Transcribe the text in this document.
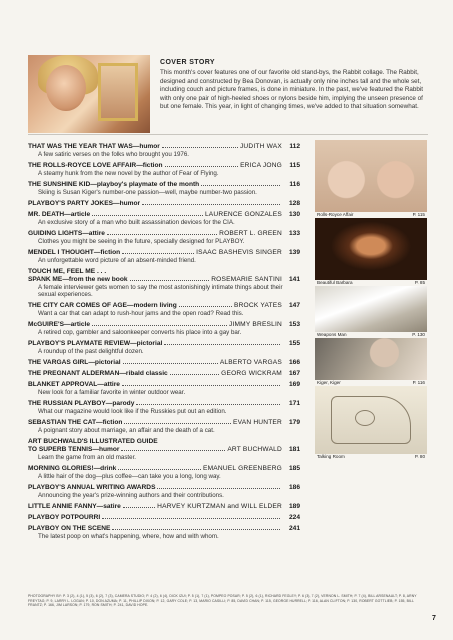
COVER STORY
This month's cover features one of our favorite old stand-bys, the Rabbit collage. The Rabbit, designed and constructed by Bea Donovan, is actually only nine inches tall and the whole set, including couch and picture frames, is done in miniature. In the past, we've featured the Rabbit with only one pair of high-heeled shoes or nylons beside him, implying the unseen presence of but one female. This year, in light of changing times, we've added to that situation somewhat.
THAT WAS THE YEAR THAT WAS—humor	JUDITH WAX	112
A few satiric verses on the folks who brought you 1976.
THE ROLLS-ROYCE LOVE AFFAIR—fiction	ERICA JONG	115
A steamy hunk from the new novel by the author of Fear of Flying.
THE SUNSHINE KID—playboy's playmate of the month	116
Skiing is Susan Kiger's number-one passion—well, maybe number-two passion.
PLAYBOY'S PARTY JOKES—humor	128
MR. DEATH—article	LAURENCE GONZALES	130
An exclusive story of a man who built assassination devices for the CIA.
GUIDING LIGHTS—attire	ROBERT L. GREEN	133
Clothes you might be seeing in the future, specially designed for PLAYBOY.
MENDEL I THOUGHT—fiction	ISAAC BASHEVIS SINGER	139
An unforgettable word picture of an absent-minded friend.
TOUCH ME, FEEL ME . . .
SPANK ME—from the new book	ROSEMARIE SANTINI	141
A female interviewer gets women to say the most astonishingly intimate things about their sexual experiences.
THE CITY CAR COMES OF AGE—modern living	BROCK YATES	147
Want a car that can adapt to rush-hour jams and the open road? Read this.
McGUIRE'S—article	JIMMY BRESLIN	153
A retired cop, gambler and saloonkeeper converts his place into a gay bar.
PLAYBOY'S PLAYMATE REVIEW—pictorial	155
A roundup of the past delightful dozen.
THE VARGAS GIRL—pictorial	ALBERTO VARGAS	166
THE PREGNANT ALDERMAN—ribald classic	GEORG WICKRAM	167
BLANKET APPROVAL—attire	169
New look for a familiar favorite in winter outdoor wear.
THE RUSSIAN PLAYBOY—parody	171
What our magazine would look like if the Russkies put out an edition.
SEBASTIAN THE CAT—fiction	EVAN HUNTER	179
A poignant story about marriage, an affair and the death of a cat.
ART BUCHWALD'S ILLUSTRATED GUIDE
TO SUPERB TENNIS—humor	ART BUCHWALD	181
Learn the game from an old master.
MORNING GLORIES!—drink	EMANUEL GREENBERG	185
A little hair of the dog—plus coffee—can take you a long, long way.
PLAYBOY'S ANNUAL WRITING AWARDS	186
Announcing the year's prize-winning authors and their contributions.
LITTLE ANNIE FANNY—satire	HARVEY KURTZMAN and WILL ELDER	189
PLAYBOY POTPOURRI	224
PLAYBOY ON THE SCENE	241
The latest poop on what's happening, where, how and with whom.
Rolls-Royce Affair	P. 115
Beautiful Barbara	P. 85
Weapons Man	P. 130
Kiger, Kiger	P. 116
Talking Room	P. 80
PHOTOGRAPHY BY: P. 3 (2), 4 (1), 5 (3), 6 (2), 7 (3), CAMERA STUDIO; P. 4 (2), 6 (4), DICK IZUI; P. 5 (1), 7 (1), POMPEO POSAR; P. 5 (2), 6 (1), RICHARD FEGLEY; P. 6 (3), 7 (2), VERNON L. SMITH; P. 7 (4), BILL ARSENAULT; P. 8, ARNY FREYTAG; P. 9, LARRY L. LOGAN; P. 10, DON AZUMA; P. 11, PHILLIP DIXON; P. 12, GARY COLE; P. 13, MARIO CASILLI; P. 85, DAVID CHAN; P. 115, GEORGE HURRELL; P. 116, ALAN CLIFTON; P. 130, ROBERT GOTTLIEB; P. 155, BILL FRANTZ; P. 166, JIM LARSON; P. 179, RON SMITH; P. 241, DAVID HOPE.
7
